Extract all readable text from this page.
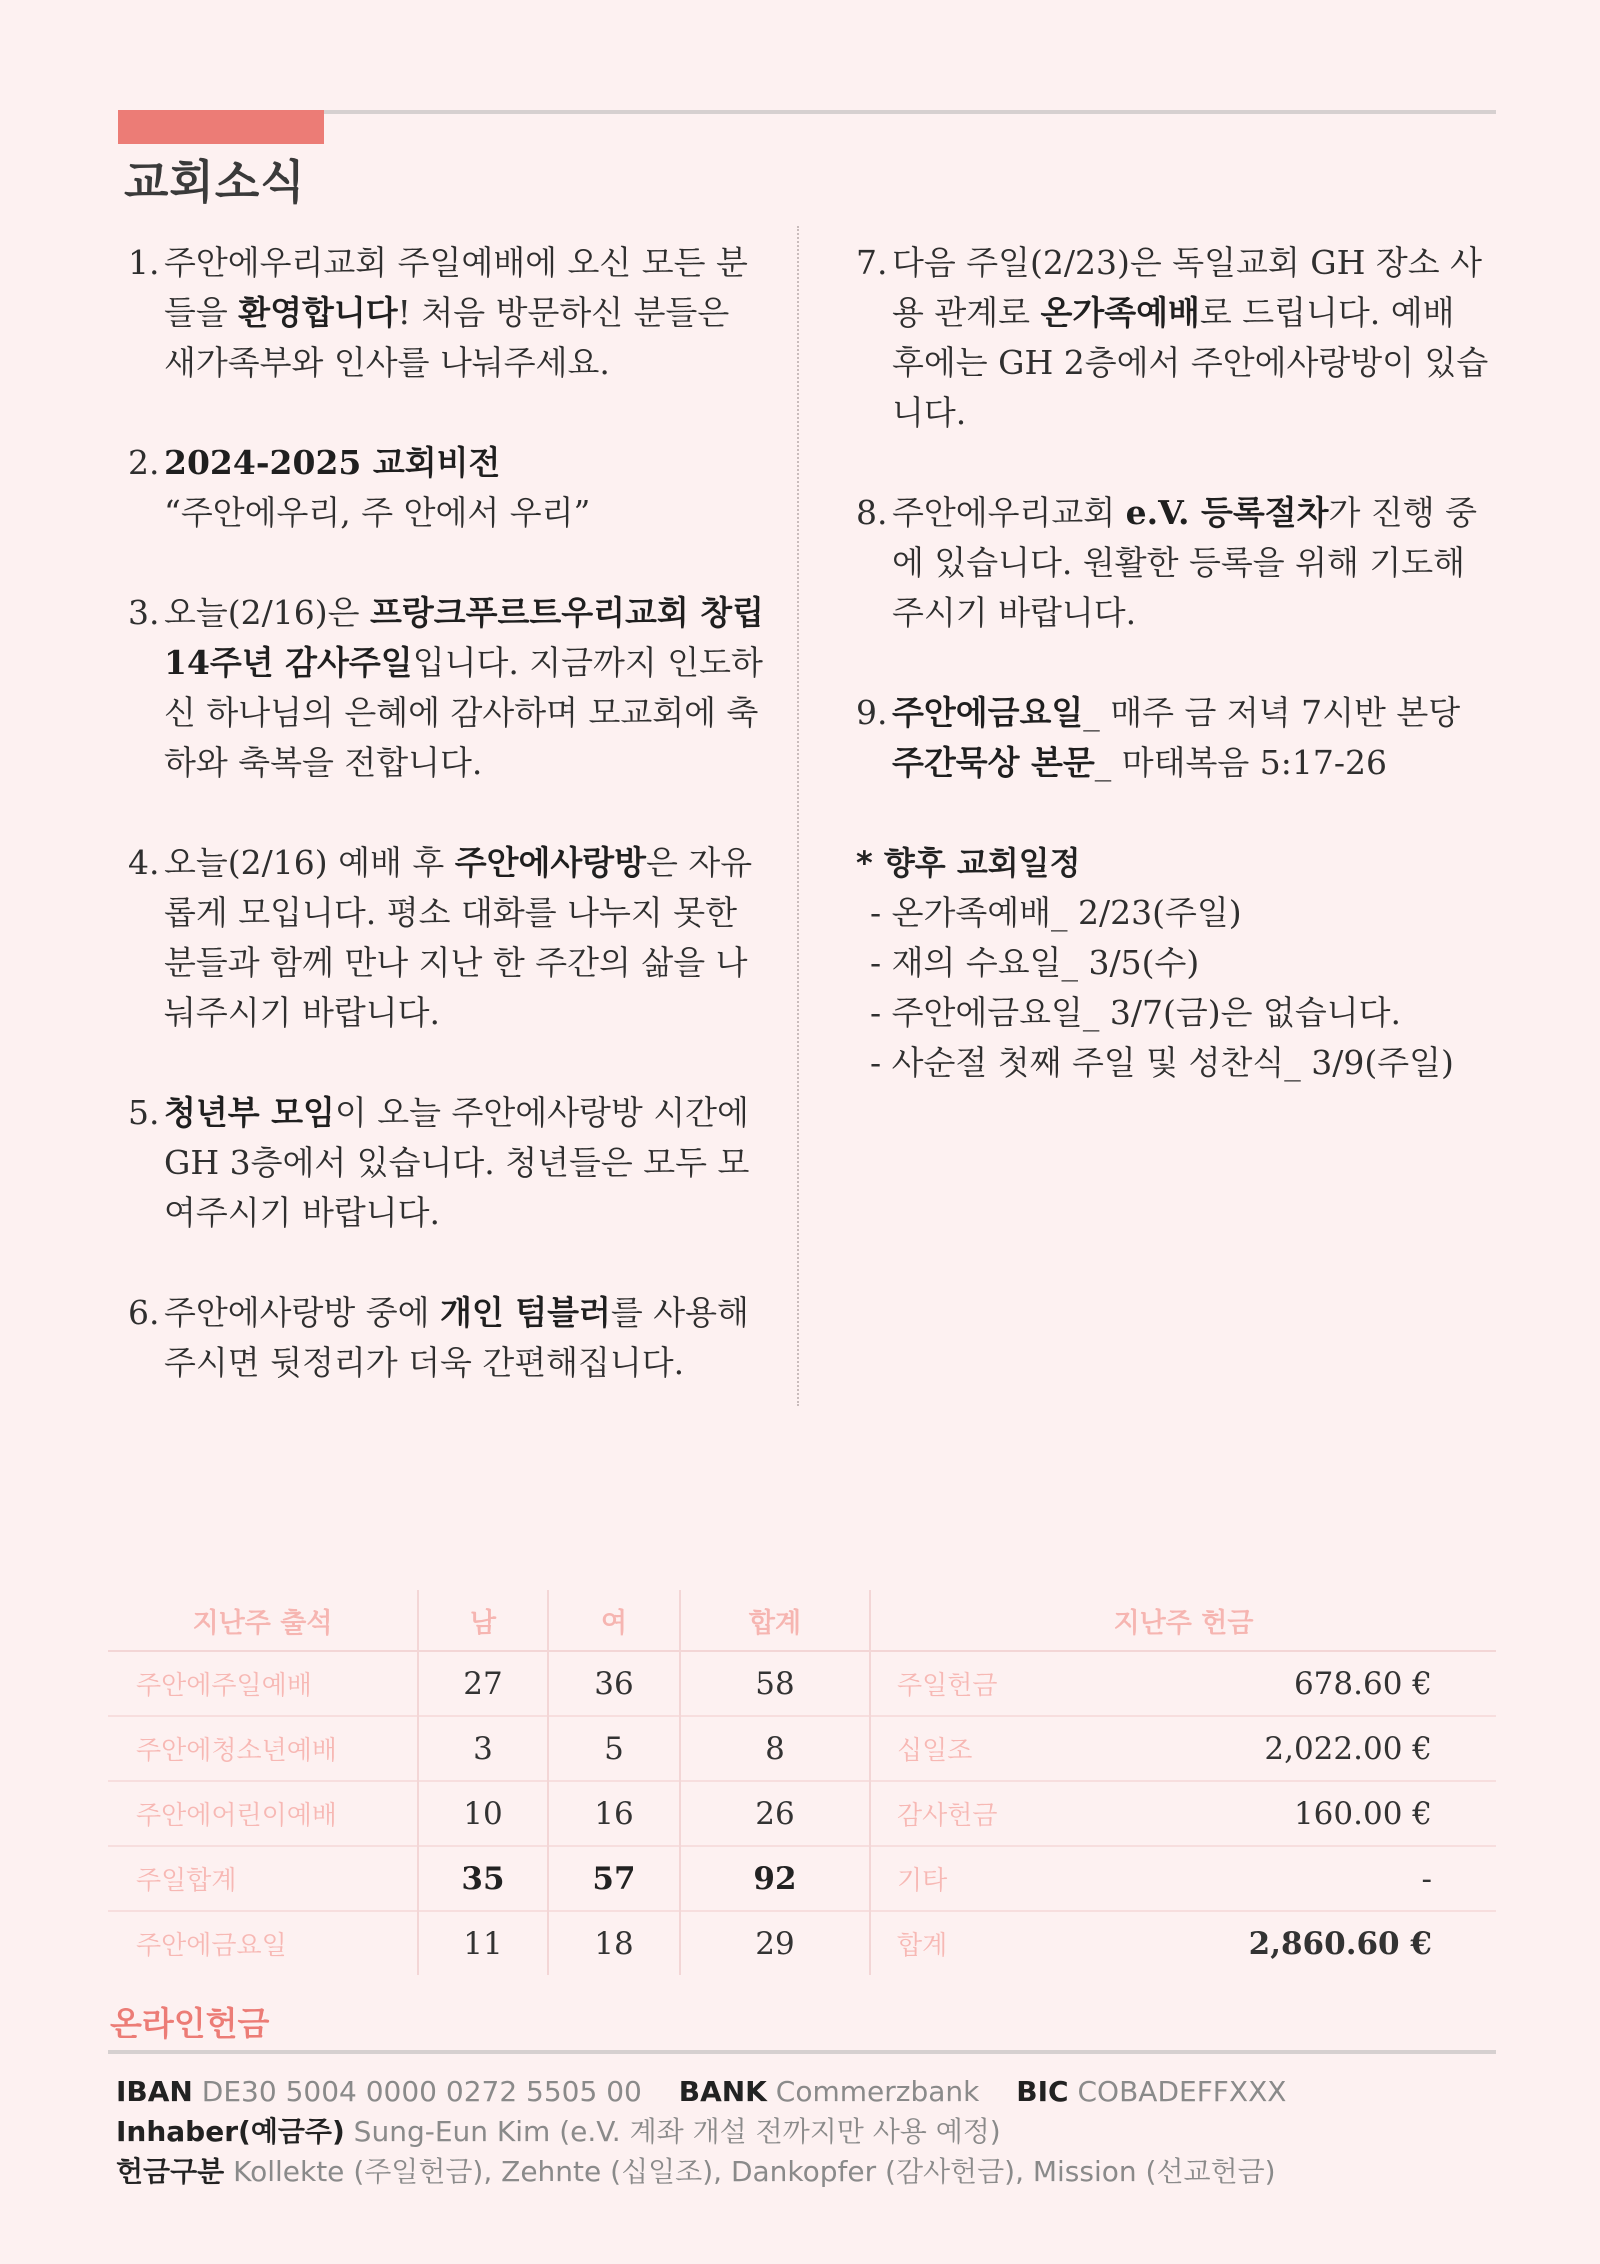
교회소식
1. 주안에우리교회 주일예배에 오신 모든 분들을 환영합니다! 처음 방문하신 분들은 새가족부와 인사를 나눠주세요.

2. 2024-2025 교회비전
“주안에우리, 주 안에서 우리”

3. 오늘(2/16)은 프랑크푸르트우리교회 창립 14주년 감사주일입니다. 지금까지 인도하신 하나님의 은혜에 감사하며 모교회에 축하와 축복을 전합니다.

4. 오늘(2/16) 예배 후 주안에사랑방은 자유롭게 모입니다. 평소 대화를 나누지 못한 분들과 함께 만나 지난 한 주간의 삶을 나눠주시기 바랍니다.

5. 청년부 모임이 오늘 주안에사랑방 시간에 GH 3층에서 있습니다. 청년들은 모두 모여주시기 바랍니다.

6. 주안에사랑방 중에 개인 텀블러를 사용해주시면 뒷정리가 더욱 간편해집니다.

7. 다음 주일(2/23)은 독일교회 GH 장소 사용 관계로 온가족예배로 드립니다. 예배 후에는 GH 2층에서 주안에사랑방이 있습니다.

8. 주안에우리교회 e.V. 등록절차가 진행 중에 있습니다. 원활한 등록을 위해 기도해주시기 바랍니다.

9. 주안에금요일_ 매주 금 저녁 7시반 본당
주간묵상 본문_ 마태복음 5:17-26

* 향후 교회일정
- 온가족예배_ 2/23(주일)
- 재의 수요일_ 3/5(수)
- 주안에금요일_ 3/7(금)은 없습니다.
- 사순절 첫째 주일 및 성찬식_ 3/9(주일)
지난주 출석	남	여	합계	지난주 헌금	
주안에주일예배	27	36	58	주일헌금	678.60 €
주안에청소년예배	3	5	8	십일조	2,022.00 €
주안에어린이예배	10	16	26	감사헌금	160.00 €
주일합계	35	57	92	기타	-
주안에금요일	11	18	29	합계	2,860.60 €
온라인헌금
IBAN DE30 5004 0000 0272 5505 00 BANK Commerzbank BIC COBADEFFXXX
Inhaber(예금주) Sung-Eun Kim (e.V. 계좌 개설 전까지만 사용 예정)
헌금구분 Kollekte (주일헌금), Zehnte (십일조), Dankopfer (감사헌금), Mission (선교헌금)
